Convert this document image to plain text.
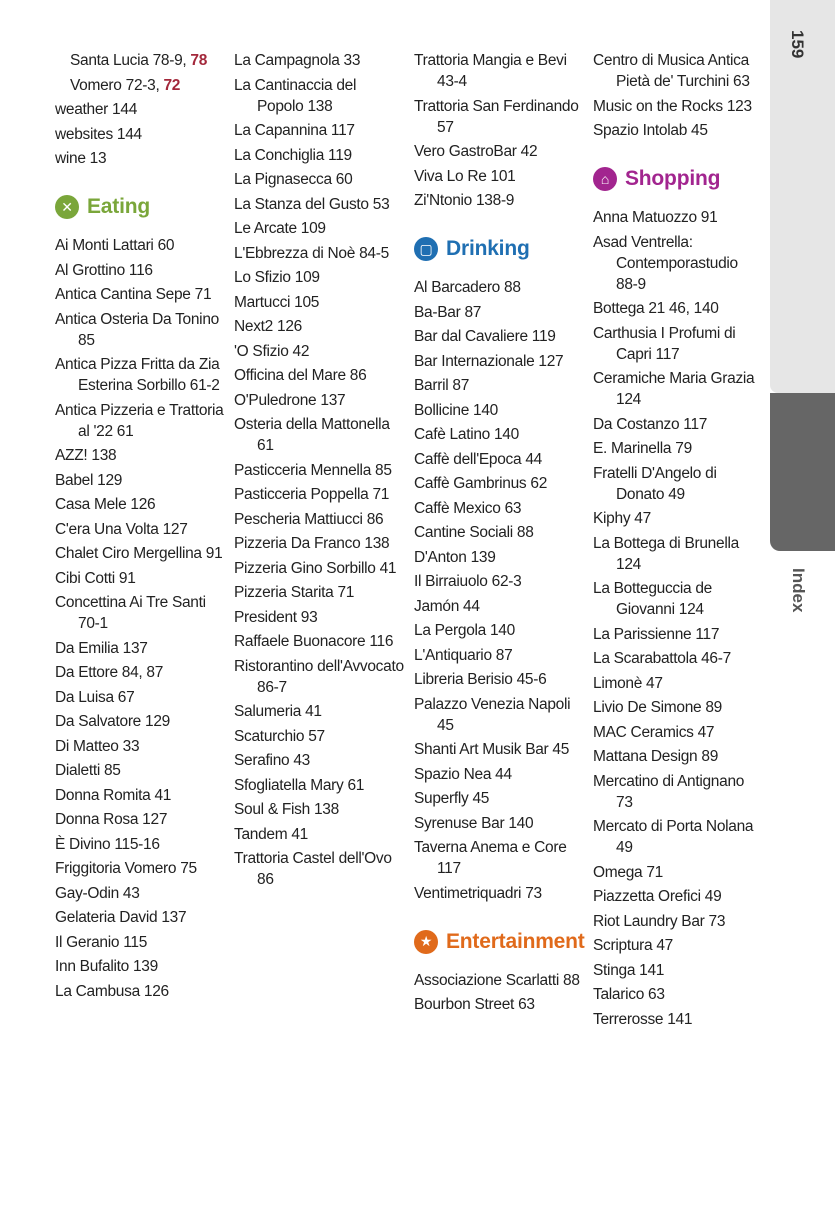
159
Index
Santa Lucia 78-9, 78
Vomero 72-3, 72
weather 144
websites 144
wine 13
✕ Eating
Ai Monti Lattari 60
Al Grottino 116
Antica Cantina Sepe 71
Antica Osteria Da Tonino 85
Antica Pizza Fritta da Zia Esterina Sorbillo 61-2
Antica Pizzeria e Trattoria al '22 61
AZZ! 138
Babel 129
Casa Mele 126
C'era Una Volta 127
Chalet Ciro Mergellina 91
Cibi Cotti 91
Concettina Ai Tre Santi 70-1
Da Emilia 137
Da Ettore 84, 87
Da Luisa 67
Da Salvatore 129
Di Matteo 33
Dialetti 85
Donna Romita 41
Donna Rosa 127
È Divino 115-16
Friggitoria Vomero 75
Gay-Odin 43
Gelateria David 137
Il Geranio 115
Inn Bufalito 139
La Cambusa 126
La Campagnola 33
La Cantinaccia del Popolo 138
La Capannina 117
La Conchiglia 119
La Pignasecca 60
La Stanza del Gusto 53
Le Arcate 109
L'Ebbrezza di Noè 84-5
Lo Sfizio 109
Martucci 105
Next2 126
'O Sfizio 42
Officina del Mare 86
O'Puledrone 137
Osteria della Mattonella 61
Pasticceria Mennella 85
Pasticceria Poppella 71
Pescheria Mattiucci 86
Pizzeria Da Franco 138
Pizzeria Gino Sorbillo 41
Pizzeria Starita 71
President 93
Raffaele Buonacore 116
Ristorantino dell'Avvocato 86-7
Salumeria 41
Scaturchio 57
Serafino 43
Sfogliatella Mary 61
Soul & Fish 138
Tandem 41
Trattoria Castel dell'Ovo 86
Trattoria Mangia e Bevi 43-4
Trattoria San Ferdinando 57
Vero GastroBar 42
Viva Lo Re 101
Zi'Ntonio 138-9
▢ Drinking
Al Barcadero 88
Ba-Bar 87
Bar dal Cavaliere 119
Bar Internazionale 127
Barril 87
Bollicine 140
Cafè Latino 140
Caffè dell'Epoca 44
Caffè Gambrinus 62
Caffè Mexico 63
Cantine Sociali 88
D'Anton 139
Il Birraiuolo 62-3
Jamón 44
La Pergola 140
L'Antiquario 87
Libreria Berisio 45-6
Palazzo Venezia Napoli 45
Shanti Art Musik Bar 45
Spazio Nea 44
Superfly 45
Syrenuse Bar 140
Taverna Anema e Core 117
Ventimetriquadri 73
★ Entertainment
Associazione Scarlatti 88
Bourbon Street 63
Centro di Musica Antica Pietà de' Turchini 63
Music on the Rocks 123
Spazio Intolab 45
⌂ Shopping
Anna Matuozzo 91
Asad Ventrella: Contemporastudio 88-9
Bottega 21 46, 140
Carthusia I Profumi di Capri 117
Ceramiche Maria Grazia 124
Da Costanzo 117
E. Marinella 79
Fratelli D'Angelo di Donato 49
Kiphy 47
La Bottega di Brunella 124
La Botteguccia de Giovanni 124
La Parissienne 117
La Scarabattola 46-7
Limonè 47
Livio De Simone 89
MAC Ceramics 47
Mattana Design 89
Mercatino di Antignano 73
Mercato di Porta Nolana 49
Omega 71
Piazzetta Orefici 49
Riot Laundry Bar 73
Scriptura 47
Stinga 141
Talarico 63
Terrerosse 141
